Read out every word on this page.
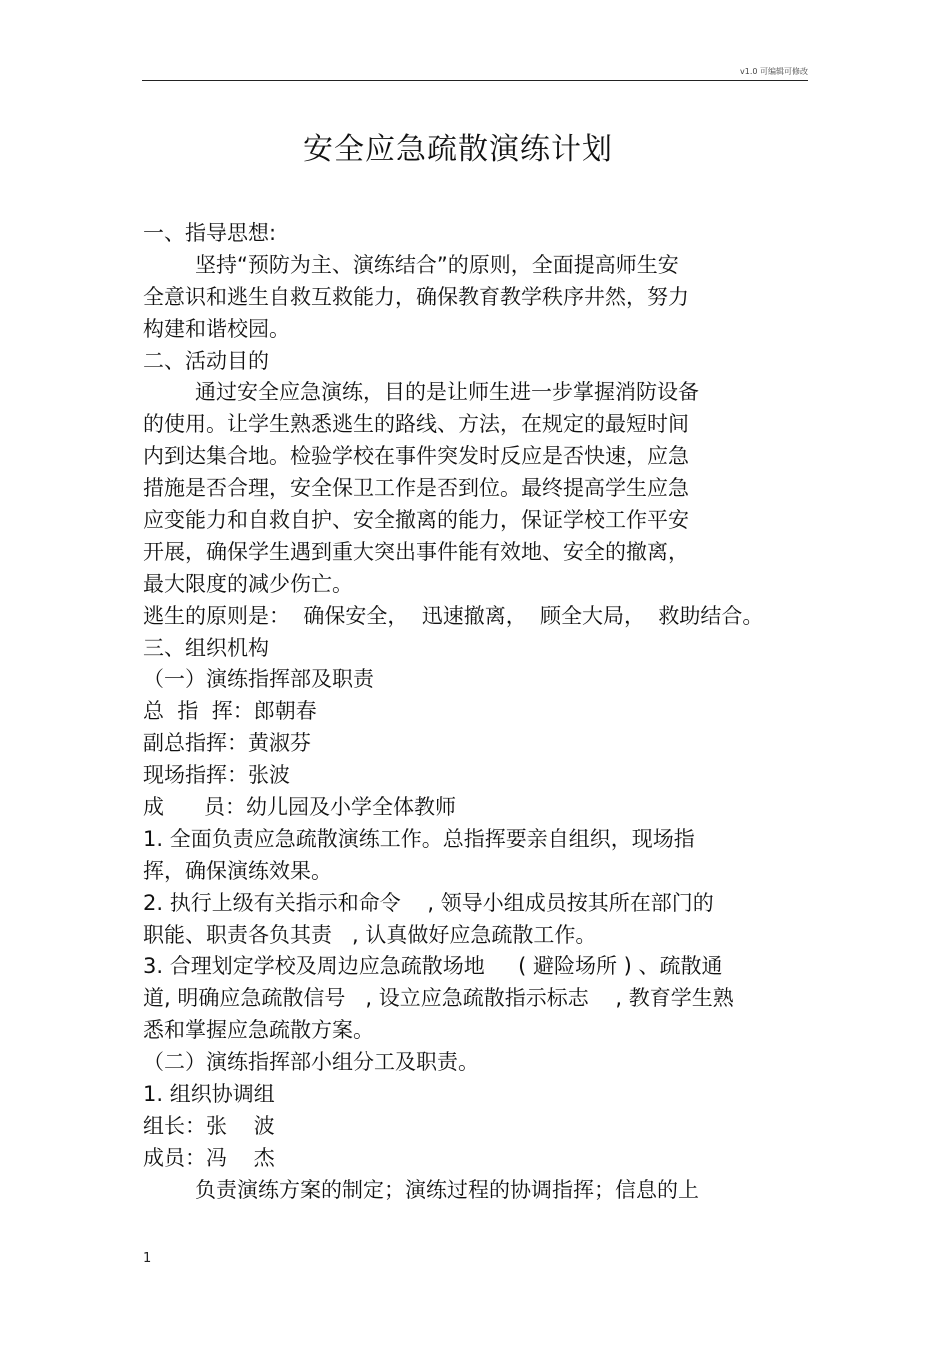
v1.0 可编辑可修改
安全应急疏散演练计划
一、指导思想:
坚持“预防为主、演练结合”的原则，全面提高师生安
全意识和逃生自救互救能力，确保教育教学秩序井然，努力
构建和谐校园。
二、活动目的
通过安全应急演练，目的是让师生进一步掌握消防设备
的使用。让学生熟悉逃生的路线、方法，在规定的最短时间
内到达集合地。检验学校在事件突发时反应是否快速，应急
措施是否合理，安全保卫工作是否到位。最终提高学生应急
应变能力和自救自护、安全撤离的能力，保证学校工作平安
开展，确保学生遇到重大突出事件能有效地、安全的撤离，
最大限度的减少伤亡。
逃生的原则是：  确保安全，  迅速撤离，  顾全大局，  救助结合。
三、组织机构
（一）演练指挥部及职责
总  指  挥：郎朝春
副总指挥：黄淑芬
现场指挥：张波
成      员：幼儿园及小学全体教师
1. 全面负责应急疏散演练工作。总指挥要亲自组织，现场指
挥，确保演练效果。
2. 执行上级有关指示和命令    , 领导小组成员按其所在部门的
职能、职责各负其责   , 认真做好应急疏散工作。
3. 合理划定学校及周边应急疏散场地     ( 避险场所 ) 、疏散通
道, 明确应急疏散信号   , 设立应急疏散指示标志    , 教育学生熟
悉和掌握应急疏散方案。
（二）演练指挥部小组分工及职责。
1. 组织协调组
组长：张    波
成员：冯    杰
负责演练方案的制定；演练过程的协调指挥；信息的上
1
